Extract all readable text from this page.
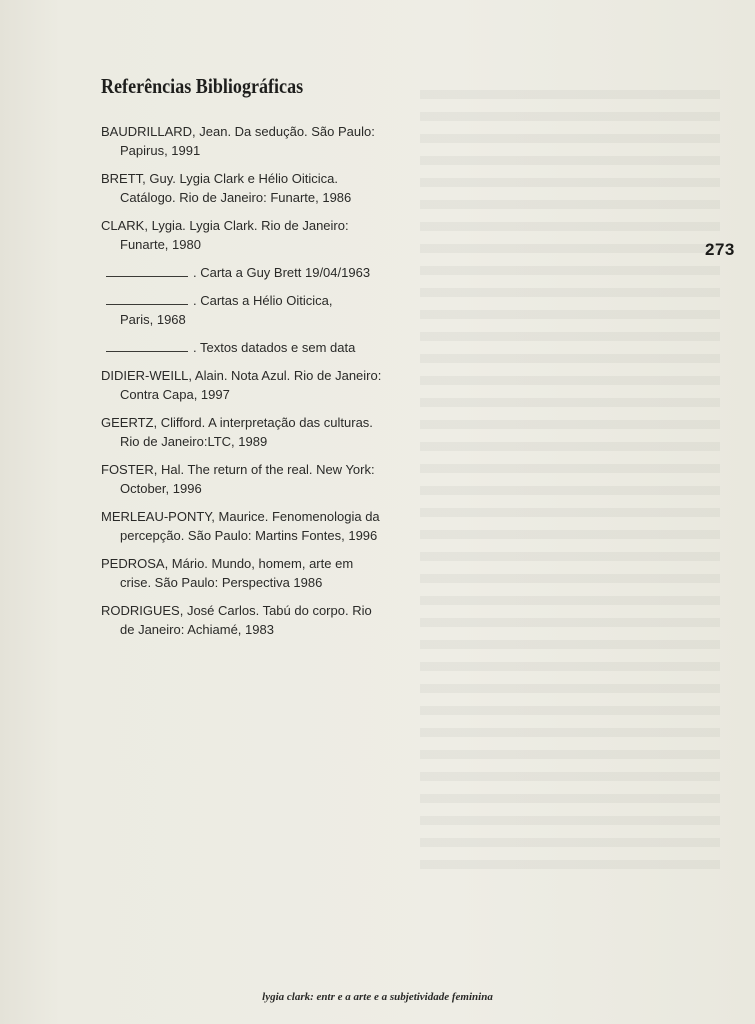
Referências Bibliográficas
273
BAUDRILLARD, Jean. Da sedução. São Paulo:
Papirus, 1991
BRETT, Guy. Lygia Clark e Hélio Oiticica.
Catálogo. Rio de Janeiro: Funarte, 1986
CLARK, Lygia. Lygia Clark. Rio de Janeiro:
Funarte, 1980
. Carta a Guy Brett 19/04/1963
. Cartas a Hélio Oiticica,
Paris, 1968
. Textos datados e sem data
DIDIER-WEILL, Alain. Nota Azul. Rio de Janeiro:
Contra Capa, 1997
GEERTZ, Clifford. A interpretação das culturas.
Rio de Janeiro:LTC, 1989
FOSTER, Hal. The return of the real. New York:
October, 1996
MERLEAU-PONTY, Maurice. Fenomenologia da
percepção. São Paulo: Martins Fontes, 1996
PEDROSA, Mário. Mundo, homem, arte em
crise. São Paulo: Perspectiva 1986
RODRIGUES, José Carlos. Tabú do corpo. Rio
de Janeiro: Achiamé, 1983
lygia clark: entr e a arte e a subjetividade feminina
